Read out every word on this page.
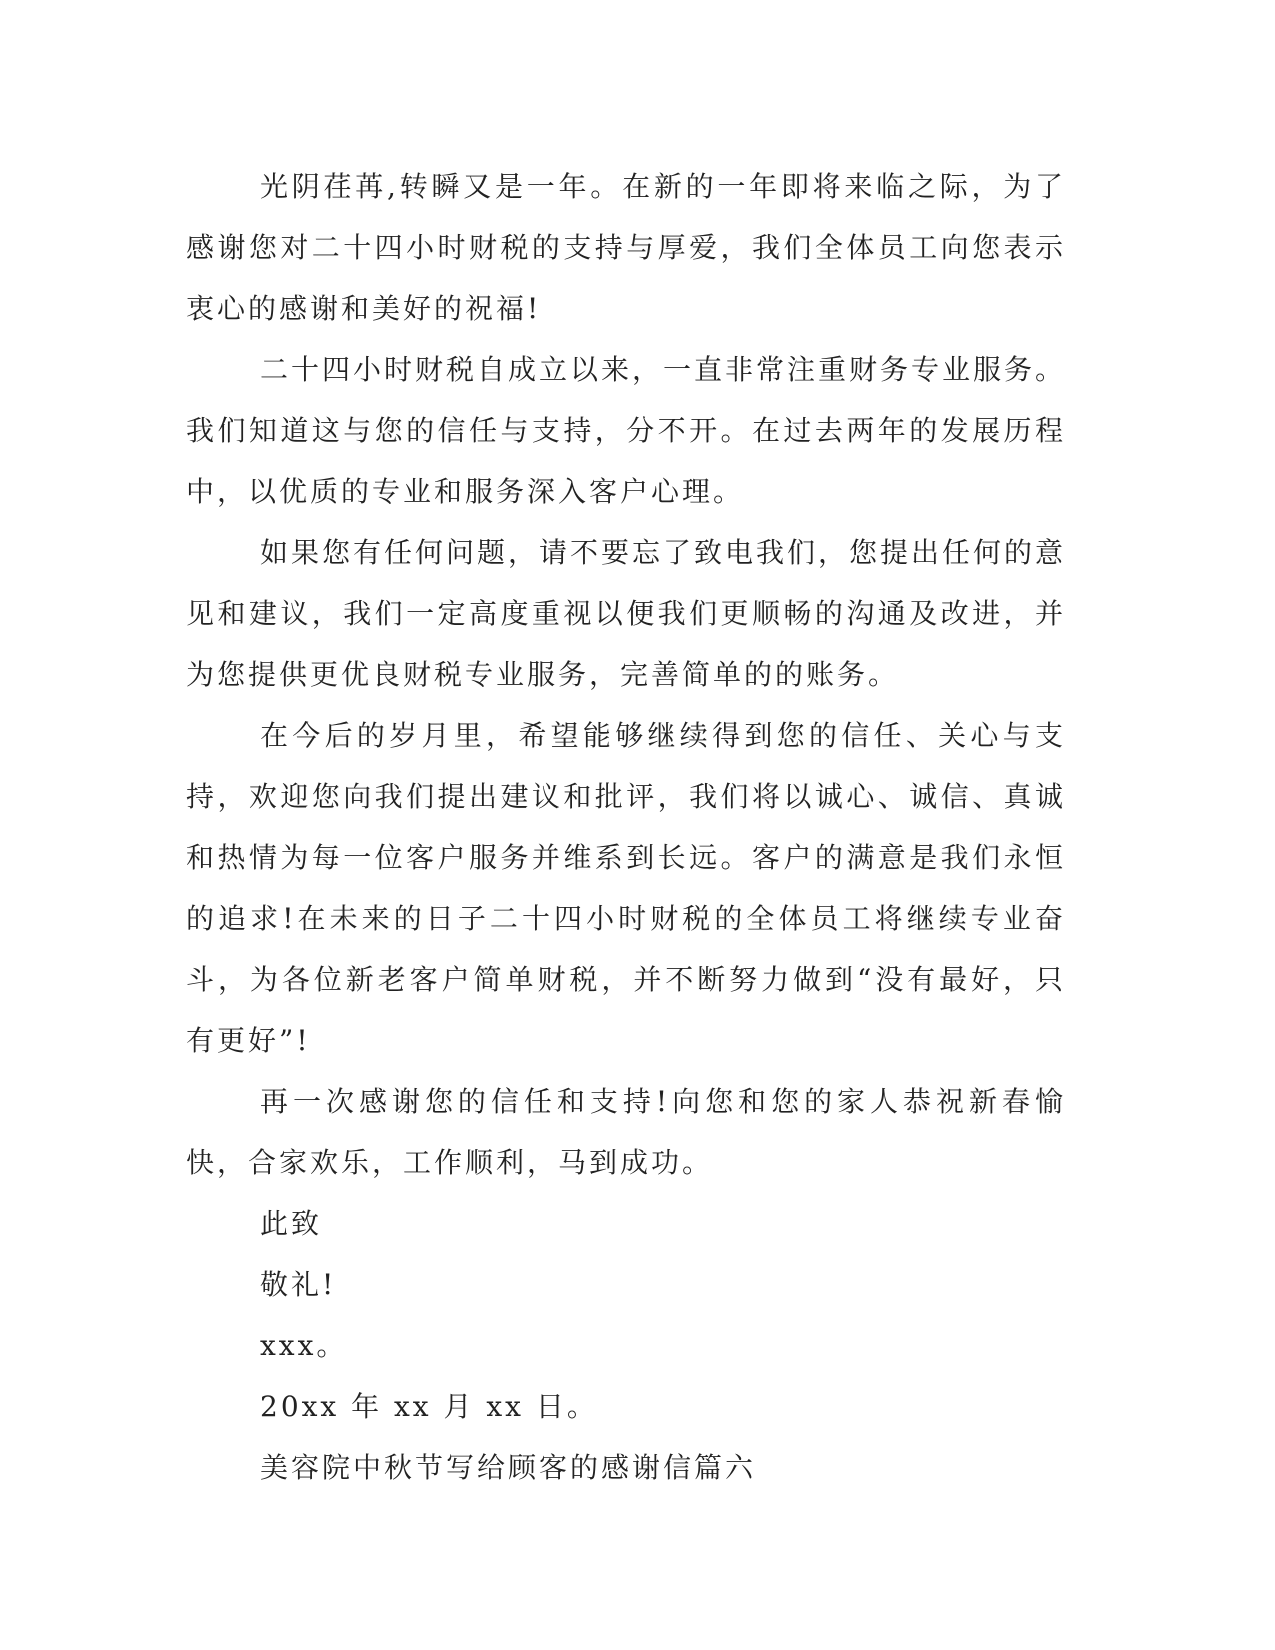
光阴荏苒,转瞬又是一年。在新的一年即将来临之际，为了感谢您对二十四小时财税的支持与厚爱，我们全体员工向您表示衷心的感谢和美好的祝福!

二十四小时财税自成立以来，一直非常注重财务专业服务。我们知道这与您的信任与支持，分不开。在过去两年的发展历程中，以优质的专业和服务深入客户心理。

如果您有任何问题，请不要忘了致电我们，您提出任何的意见和建议，我们一定高度重视以便我们更顺畅的沟通及改进，并为您提供更优良财税专业服务，完善简单的的账务。

在今后的岁月里，希望能够继续得到您的信任、关心与支持，欢迎您向我们提出建议和批评，我们将以诚心、诚信、真诚和热情为每一位客户服务并维系到长远。客户的满意是我们永恒的追求!在未来的日子二十四小时财税的全体员工将继续专业奋斗，为各位新老客户简单财税，并不断努力做到“没有最好，只有更好”!

再一次感谢您的信任和支持!向您和您的家人恭祝新春愉快，合家欢乐，工作顺利，马到成功。

此致

敬礼!

xxx。

20xx 年 xx 月 xx 日。

美容院中秋节写给顾客的感谢信篇六
